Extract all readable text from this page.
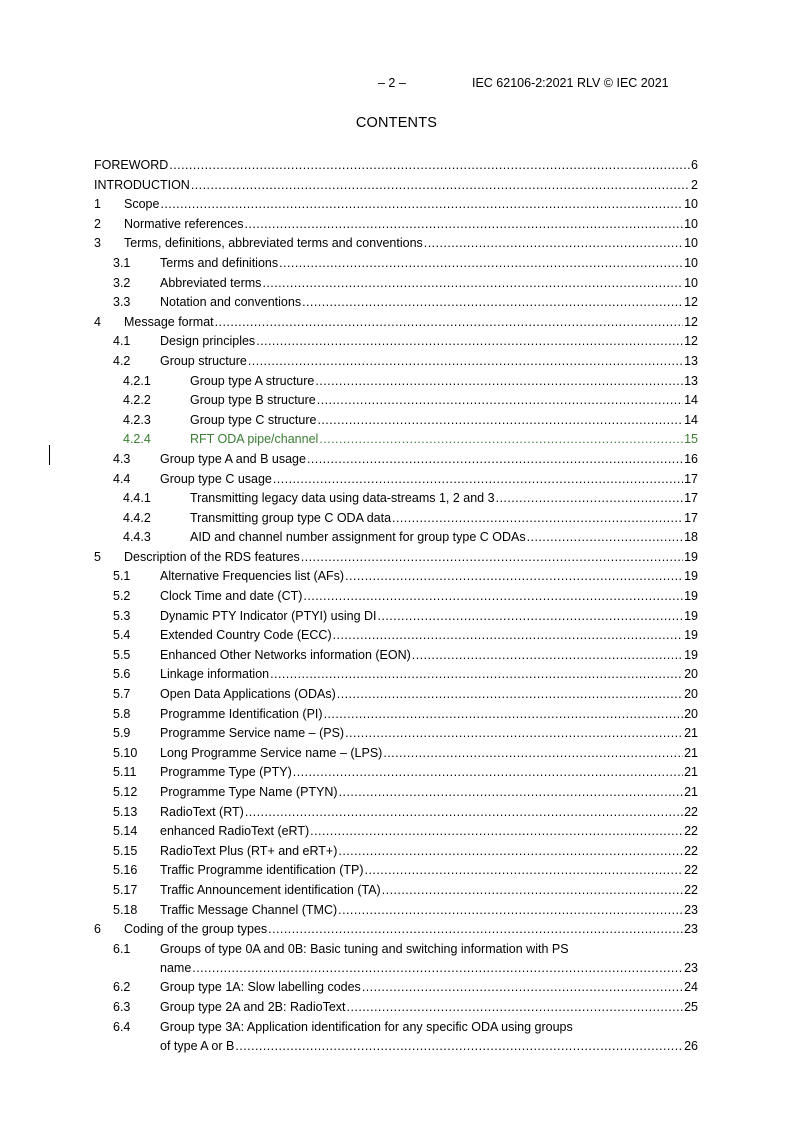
– 2 –	IEC 62106-2:2021 RLV © IEC 2021
CONTENTS
FOREWORD .....	6
INTRODUCTION .....	2
1	Scope .....	10
2	Normative references .....	10
3	Terms, definitions, abbreviated terms and conventions .....	10
3.1	Terms and definitions .....	10
3.2	Abbreviated terms .....	10
3.3	Notation and conventions .....	12
4	Message format .....	12
4.1	Design principles .....	12
4.2	Group structure .....	13
4.2.1	Group type A structure .....	13
4.2.2	Group type B structure .....	14
4.2.3	Group type C structure .....	14
4.2.4	RFT ODA pipe/channel .....	15
4.3	Group type A and B usage .....	16
4.4	Group type C usage .....	17
4.4.1	Transmitting legacy data using data-streams 1, 2 and 3 .....	17
4.4.2	Transmitting group type C ODA data .....	17
4.4.3	AID and channel number assignment for group type C ODAs .....	18
5	Description of the RDS features .....	19
5.1	Alternative Frequencies list (AFs) .....	19
5.2	Clock Time and date (CT) .....	19
5.3	Dynamic PTY Indicator (PTYI) using DI .....	19
5.4	Extended Country Code (ECC) .....	19
5.5	Enhanced Other Networks information (EON) .....	19
5.6	Linkage information .....	20
5.7	Open Data Applications (ODAs) .....	20
5.8	Programme Identification (PI) .....	20
5.9	Programme Service name – (PS) .....	21
5.10	Long Programme Service name – (LPS) .....	21
5.11	Programme Type (PTY) .....	21
5.12	Programme Type Name (PTYN) .....	21
5.13	RadioText (RT) .....	22
5.14	enhanced RadioText (eRT) .....	22
5.15	RadioText Plus (RT+ and eRT+) .....	22
5.16	Traffic Programme identification (TP) .....	22
5.17	Traffic Announcement identification (TA) .....	22
5.18	Traffic Message Channel (TMC) .....	23
6	Coding of the group types .....	23
6.1	Groups of type 0A and 0B: Basic tuning and switching information with PS
name .....	23
6.2	Group type 1A: Slow labelling codes .....	24
6.3	Group type 2A and 2B: RadioText .....	25
6.4	Group type 3A: Application identification for any specific ODA using groups
of type A or B .....	26
